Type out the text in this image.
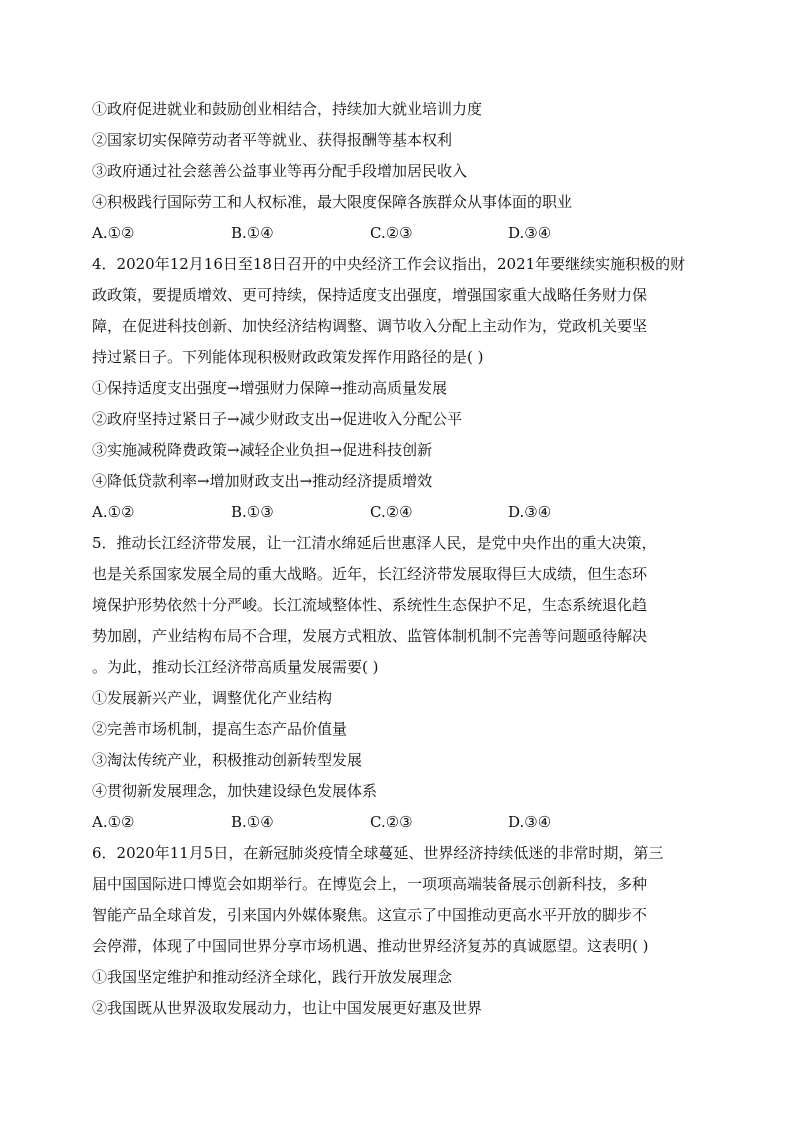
①政府促进就业和鼓励创业相结合，持续加大就业培训力度
②国家切实保障劳动者平等就业、获得报酬等基本权利
③政府通过社会慈善公益事业等再分配手段增加居民收入
④积极践行国际劳工和人权标准，最大限度保障各族群众从事体面的职业
A.①②	B.①④	C.②③	D.③④
4．2020年12月16日至18日召开的中央经济工作会议指出，2021年要继续实施积极的财
政政策，要提质增效、更可持续，保持适度支出强度，增强国家重大战略任务财力保
障，在促进科技创新、加快经济结构调整、调节收入分配上主动作为，党政机关要坚
持过紧日子。下列能体现积极财政政策发挥作用路径的是( )
①保持适度支出强度→增强财力保障→推动高质量发展
②政府坚持过紧日子→减少财政支出→促进收入分配公平
③实施减税降费政策→减轻企业负担→促进科技创新
④降低贷款利率→增加财政支出→推动经济提质增效
A.①②	B.①③	C.②④	D.③④
5．推动长江经济带发展，让一江清水绵延后世惠泽人民，是党中央作出的重大决策，
也是关系国家发展全局的重大战略。近年，长江经济带发展取得巨大成绩，但生态环
境保护形势依然十分严峻。长江流域整体性、系统性生态保护不足，生态系统退化趋
势加剧，产业结构布局不合理，发展方式粗放、监管体制机制不完善等问题亟待解决
。为此，推动长江经济带高质量发展需要( )
①发展新兴产业，调整优化产业结构
②完善市场机制，提高生态产品价值量
③淘汰传统产业，积极推动创新转型发展
④贯彻新发展理念，加快建设绿色发展体系
A.①②	B.①④	C.②③	D.③④
6．2020年11月5日，在新冠肺炎疫情全球蔓延、世界经济持续低迷的非常时期，第三
届中国国际进口博览会如期举行。在博览会上，一项项高端装备展示创新科技，多种
智能产品全球首发，引来国内外媒体聚焦。这宣示了中国推动更高水平开放的脚步不
会停滞，体现了中国同世界分享市场机遇、推动世界经济复苏的真诚愿望。这表明( )
①我国坚定维护和推动经济全球化，践行开放发展理念
②我国既从世界汲取发展动力，也让中国发展更好惠及世界
